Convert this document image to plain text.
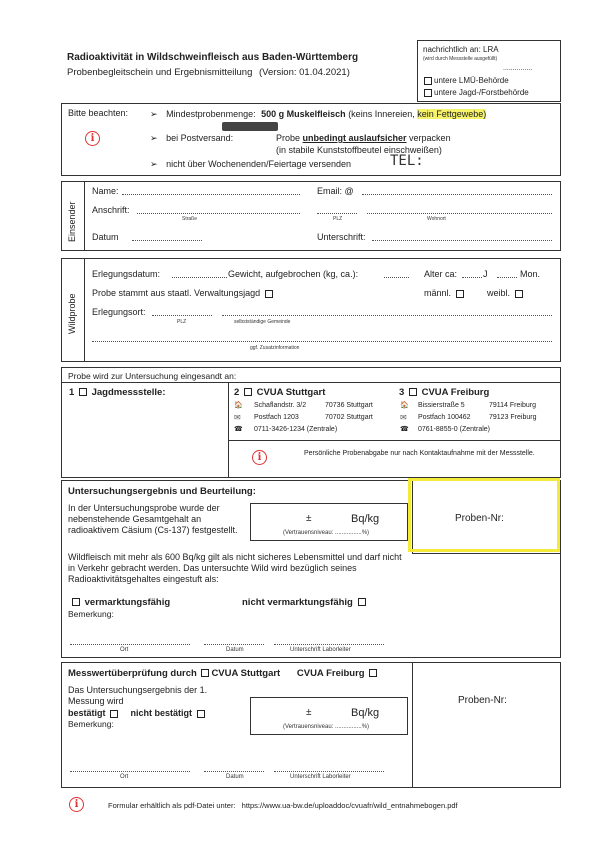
Radioaktivität in Wildschweinfleisch aus Baden-Württemberg
Probenbegleitschein und Ergebnismitteilung (Version: 01.04.2021)
nachrichtlich an: LRA
(wird durch Messstelle ausgefüllt)
...............
untere LMÜ-Behörde
untere Jagd-/Forstbehörde
Bitte beachten:
i
➢ Mindestprobenmenge: 500 g Muskelfleisch (keins Innereien, kein Fettgewebe)
➢ bei Postversand:	Probe unbedingt auslaufsicher verpacken
(in stabile Kunststoffbeutel einschweißen)
➢ nicht über Wochenenden/Feiertage versenden	TEL:
Einsender
Name:	Email: @
Anschrift:
Straße	PLZ	Wohnort
Datum	Unterschrift:
Wildprobe
Erlegungsdatum:	Gewicht, aufgebrochen (kg, ca.):	Alter ca:	J	Mon.
Probe stammt aus staatl. Verwaltungsjagd	männl.	weibl.
Erlegungsort:
PLZ	selbstständige Gemeinde
ggf. Zusatzinformation
Probe wird zur Untersuchung eingesandt an:
1 Jagdmessstelle:	2 CVUA Stuttgart
🏠 Schaflandstr. 3/2	70736 Stuttgart
✉ Postfach 1203	70702 Stuttgart
☎ 0711-3426-1234 (Zentrale)
3 CVUA Freiburg
🏠 Bissierstraße 5	79114 Freiburg
✉ Postfach 100462	79123 Freiburg
☎ 0761-8855-0 (Zentrale)
i	Persönliche Probenabgabe nur nach Kontaktaufnahme mit der Messstelle.
Untersuchungsergebnis und Beurteilung:
Proben-Nr:
In der Untersuchungsprobe wurde der nebenstehende Gesamtgehalt an radioaktivem Cäsium (Cs-137) festgestellt.
±	Bq/kg
(Vertrauensniveau: ................%)
Wildfleisch mit mehr als 600 Bq/kg gilt als nicht sicheres Lebensmittel und darf nicht in Verkehr gebracht werden. Das untersuchte Wild wird bezüglich seines Radioaktivitätsgehaltes eingestuft als:
vermarktungsfähig	nicht vermarktungsfähig
Bemerkung:
Ort	Datum	Unterschrift Laborleiter
Messwertüberprüfung durch CVUA Stuttgart CVUA Freiburg
Proben-Nr:
Das Untersuchungsergebnis der 1. Messung wird
bestätigt	nicht bestätigt
Bemerkung:
±	Bq/kg
(Vertrauensniveau: ................%)
Ort	Datum	Unterschrift Laborleiter
i	Formular erhältlich als pdf-Datei unter: https://www.ua-bw.de/uploaddoc/cvuafr/wild_entnahmebogen.pdf
